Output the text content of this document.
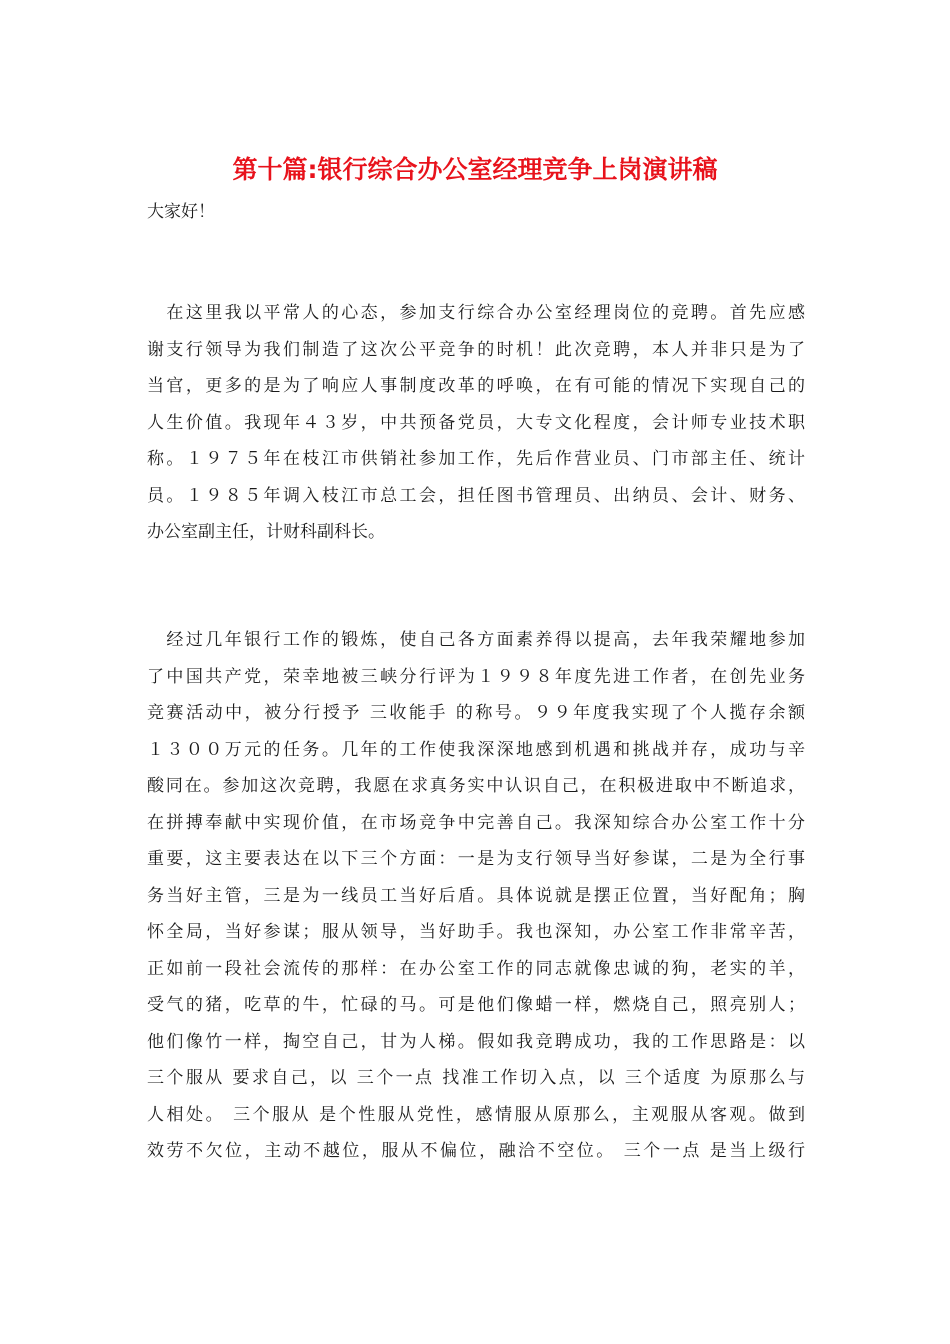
第十篇:银行综合办公室经理竞争上岗演讲稿

大家好！

　在这里我以平常人的心态，参加支行综合办公室经理岗位的竞聘。首先应感
谢支行领导为我们制造了这次公平竞争的时机！此次竞聘，本人并非只是为了
当官，更多的是为了响应人事制度改革的呼唤，在有可能的情况下实现自己的
人生价值。我现年４３岁，中共预备党员，大专文化程度，会计师专业技术职
称。１９７５年在枝江市供销社参加工作，先后作营业员、门市部主任、统计
员。１９８５年调入枝江市总工会，担任图书管理员、出纳员、会计、财务、
办公室副主任，计财科副科长。
　经过几年银行工作的锻炼，使自己各方面素养得以提高，去年我荣耀地参加
了中国共产党，荣幸地被三峡分行评为１９９８年度先进工作者，在创先业务
竞赛活动中，被分行授予 三收能手 的称号。９９年度我实现了个人揽存余额
１３００万元的任务。几年的工作使我深深地感到机遇和挑战并存，成功与辛
酸同在。参加这次竞聘，我愿在求真务实中认识自己，在积极进取中不断追求，
在拼搏奉献中实现价值，在市场竞争中完善自己。我深知综合办公室工作十分
重要，这主要表达在以下三个方面：一是为支行领导当好参谋，二是为全行事
务当好主管，三是为一线员工当好后盾。具体说就是摆正位置，当好配角；胸
怀全局，当好参谋；服从领导，当好助手。我也深知，办公室工作非常辛苦，
正如前一段社会流传的那样：在办公室工作的同志就像忠诚的狗，老实的羊，
受气的猪，吃草的牛，忙碌的马。可是他们像蜡一样，燃烧自己，照亮别人；
他们像竹一样，掏空自己，甘为人梯。假如我竞聘成功，我的工作思路是：以
三个服从 要求自己，以 三个一点 找准工作切入点，以 三个适度 为原那么与
人相处。 三个服从 是个性服从党性，感情服从原那么，主观服从客观。做到
效劳不欠位，主动不越位，服从不偏位，融洽不空位。 三个一点 是当上级行
